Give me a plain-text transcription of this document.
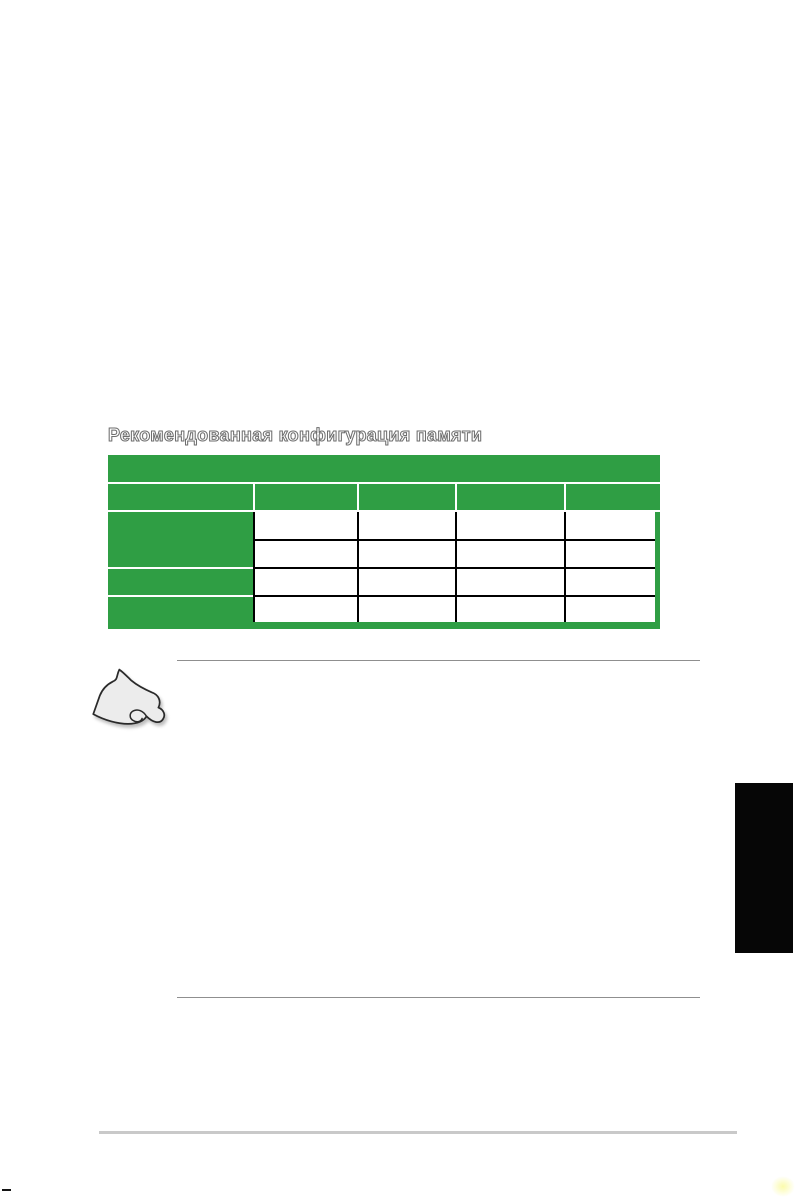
Рекомендованная конфигурация памяти
